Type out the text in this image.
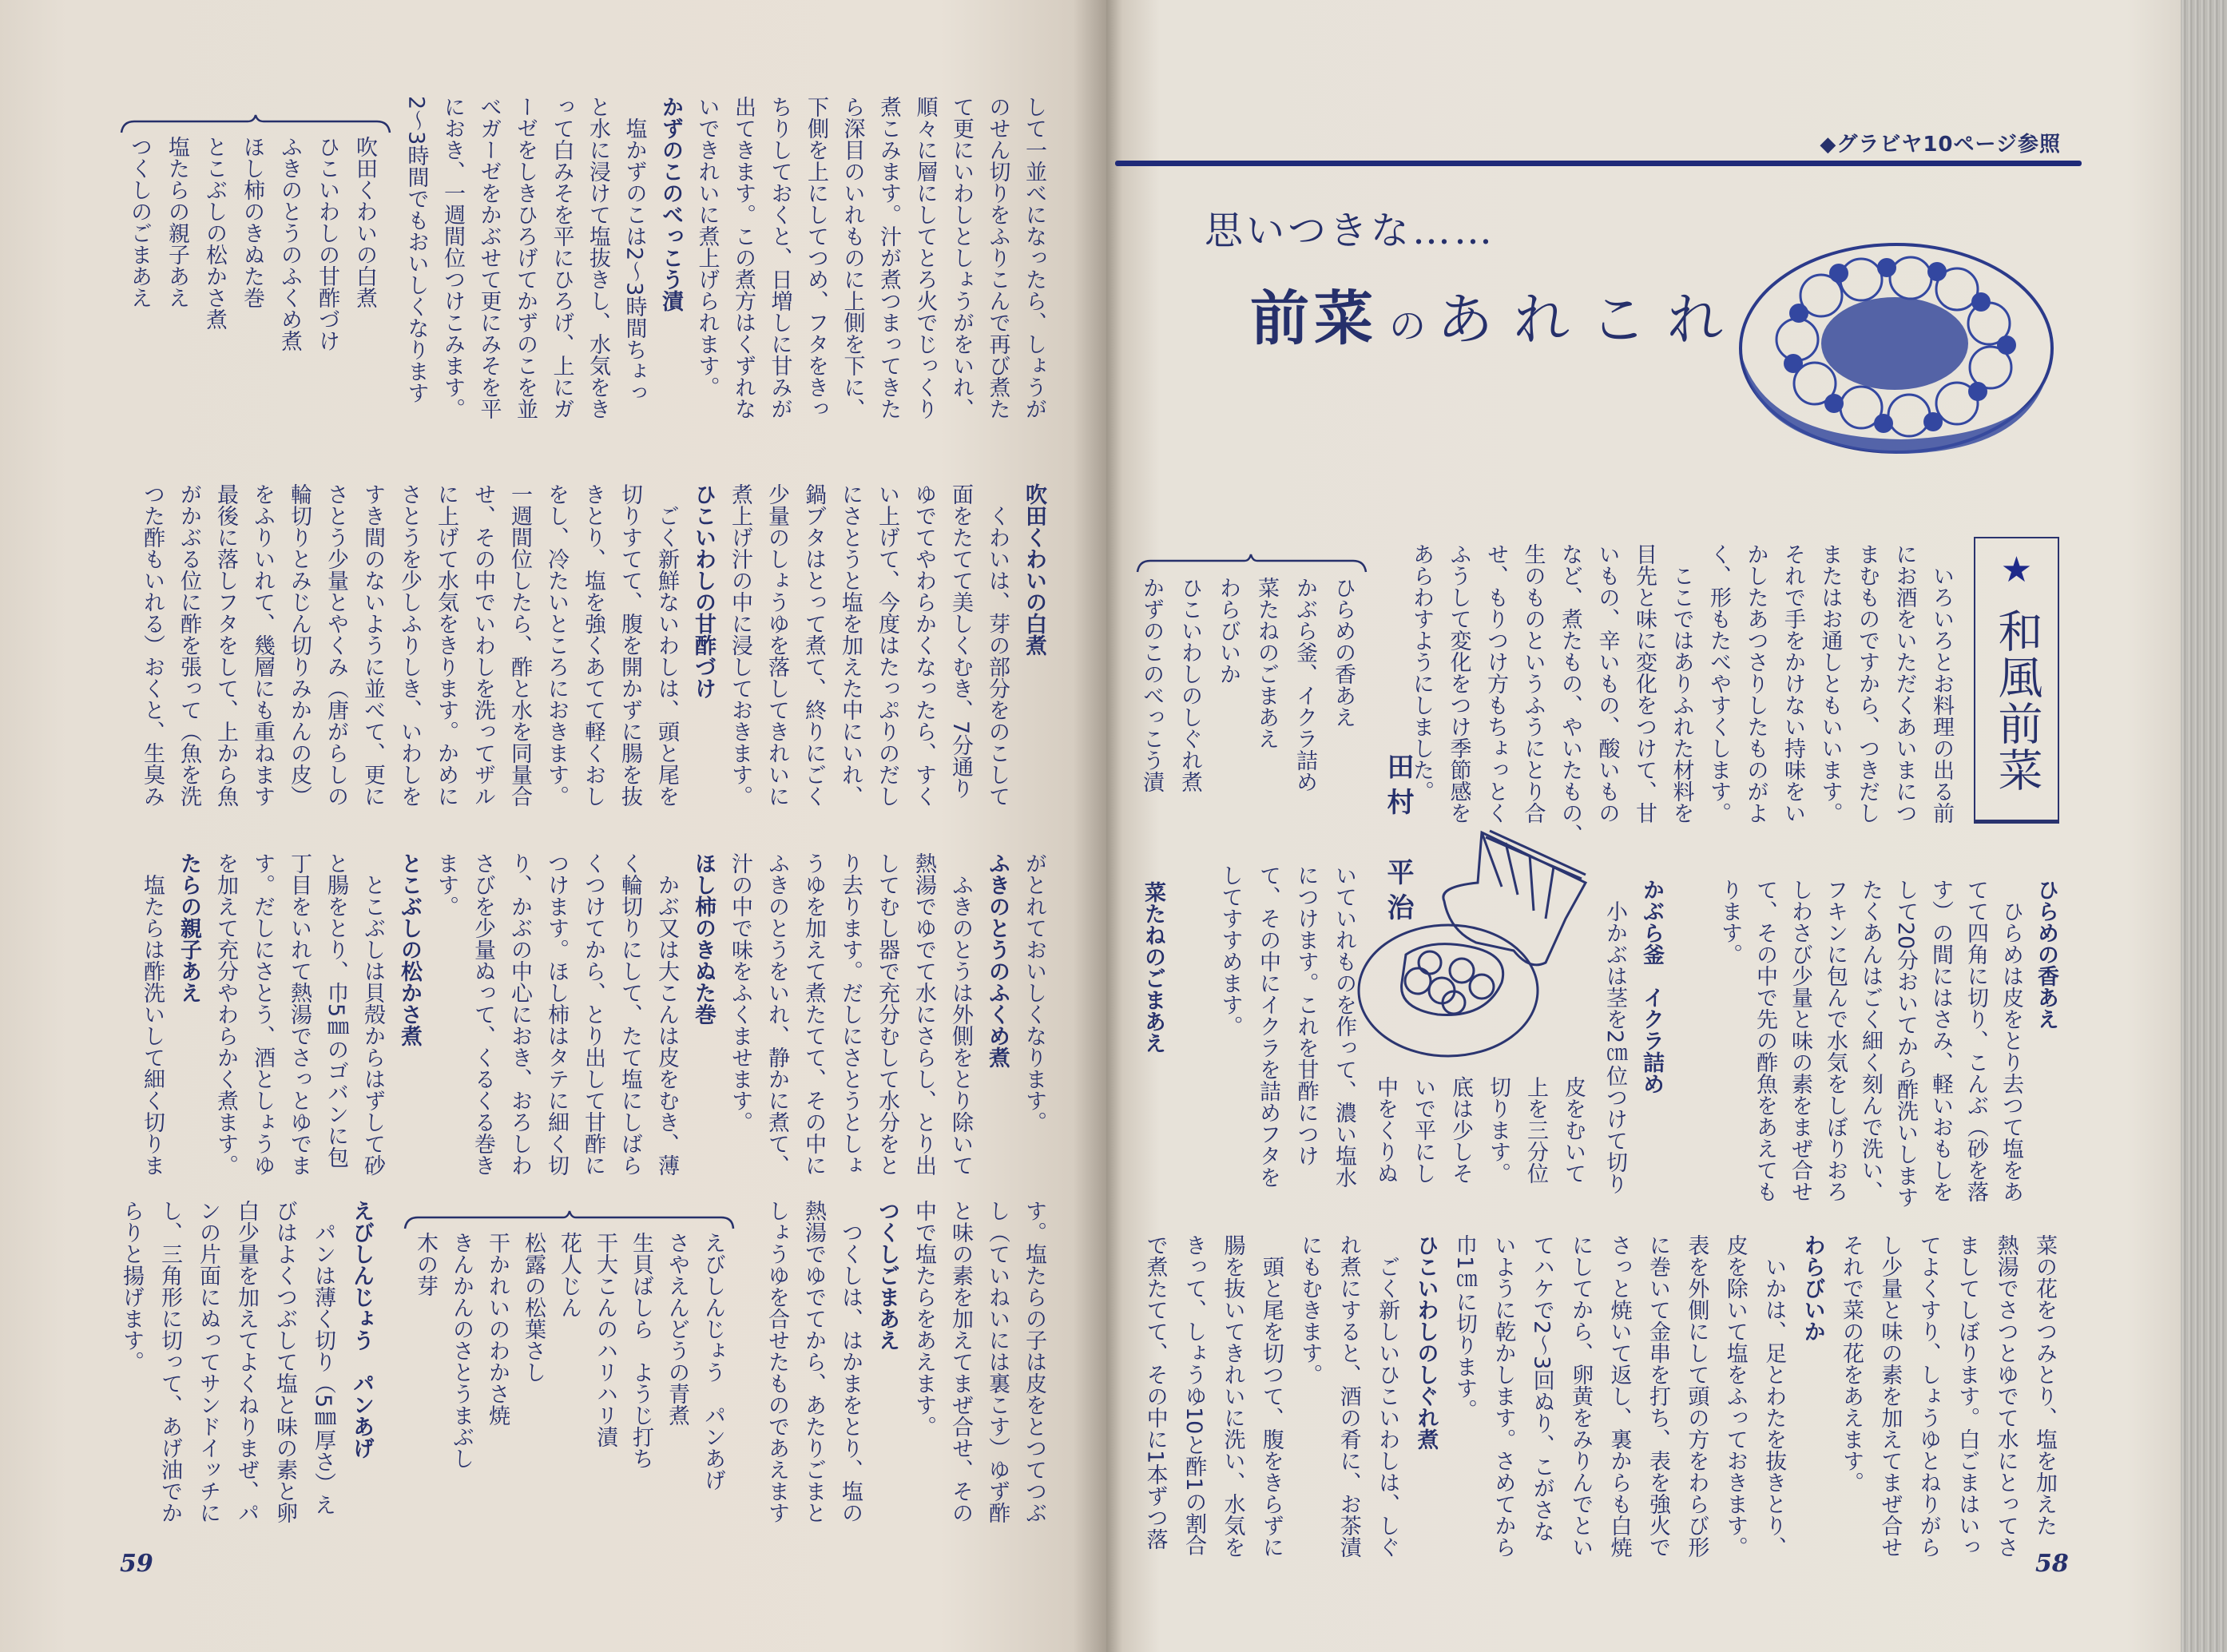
して一並べになったら、しょうが
のせん切りをふりこんで再び煮た
て更にいわしとしょうがをいれ、
順々に層にしてとろ火でじっくり
煮こみます。汁が煮つまってきた
ら深目のいれものに上側を下に、
下側を上にしてつめ、フタをきっ
ちりしておくと、日増しに甘みが
出てきます。この煮方はくずれな
いできれいに煮上げられます。
かずのこのべっこう漬
　塩かずのこは2〜3時間ちょっ
と水に浸けて塩抜きし、水気をき
って白みそを平にひろげ、上にガ
ーゼをしきひろげてかずのこを並
べガーゼをかぶせて更にみそを平
におき、一週間位つけこみます。
2〜3時間でもおいしくなります
吹田くわいの白煮
ひこいわしの甘酢づけ
ふきのとうのふくめ煮
ほし柿のきぬた巻
とこぶしの松かさ煮
塩たらの親子あえ
つくしのごまあえ
吹田くわいの白煮
　くわいは、芽の部分をのこして
面をたてて美しくむき、7分通り
ゆでてやわらかくなったら、すく
い上げて、今度はたっぷりのだし
にさとうと塩を加えた中にいれ、
鍋ブタはとって煮て、終りにごく
少量のしょうゆを落してきれいに
煮上げ汁の中に浸しておきます。
ひこいわしの甘酢づけ
　ごく新鮮ないわしは、頭と尾を
切りすてて、腹を開かずに腸を抜
きとり、塩を強くあてて軽くおし
をし、冷たいところにおきます。
一週間位したら、酢と水を同量合
せ、その中でいわしを洗ってザル
に上げて水気をきります。かめに
さとうを少しふりしき、いわしを
すき間のないように並べて、更に
さとう少量とやくみ（唐がらしの
輪切りとみじん切りみかんの皮）
をふりいれて、幾層にも重ねます
最後に落しフタをして、上から魚
がかぶる位に酢を張って（魚を洗
つた酢もいれる）おくと、生臭み
がとれておいしくなります。
ふきのとうのふくめ煮
　ふきのとうは外側をとり除いて
熱湯でゆでて水にさらし、とり出
してむし器で充分むして水分をと
り去ります。だしにさとうとしょ
うゆを加えて煮たてて、その中に
ふきのとうをいれ、静かに煮て、
汁の中で味をふくませます。
ほし柿のきぬた巻
　かぶ又は大こんは皮をむき、薄
く輪切りにして、たて塩にしばら
くつけてから、とり出して甘酢に
つけます。ほし柿はタテに細く切
り、かぶの中心におき、おろしわ
さびを少量ぬって、くるくる巻き
ます。
とこぶしの松かさ煮
　とこぶしは貝殻からはずして砂
と腸をとり、巾5㎜のゴバンに包
丁目をいれて熱湯でさっとゆでま
す。だしにさとう、酒としょうゆ
を加えて充分やわらかく煮ます。
たらの親子あえ
　塩たらは酢洗いして細く切りま
す。塩たらの子は皮をとつてつぶ
し（ていねいには裏こす）ゆず酢
と味の素を加えてまぜ合せ、その
中で塩たらをあえます。
つくしごまあえ
　つくしは、はかまをとり、塩の
熱湯でゆでてから、あたりごまと
しょうゆを合せたものであえます
えびしんじょう　パンあげ
さやえんどうの青煮
生貝ばしら　ようじ打ち
干大こんのハリハリ漬
花人じん
松露の松葉さし
干かれいのわかさ焼
きんかんのさとうまぶし
木の芽
えびしんじょう　パンあげ
　パンは薄く切り（5㎜厚さ）え
びはよくつぶして塩と味の素と卵
白少量を加えてよくねりまぜ、パ
ンの片面にぬってサンドイッチに
し、三角形に切って、あげ油でか
らりと揚げます。
59
◆グラビヤ10ページ参照
思いつきな……
前菜 の あれこれ
★
和風前菜
　いろいろとお料理の出る前
にお酒をいただくあいまにつ
まむものですから、つきだし
またはお通しともいいます。
それで手をかけない持味をい
かしたあつさりしたものがよ
く、形もたべやすくします。
　ここではありふれた材料を
目先と味に変化をつけて、甘
いもの、辛いもの、酸いもの
など、煮たもの、やいたもの、
生のものというふうにとり合
せ、もりつけ方もちょっとく
ふうして変化をつけ季節感を
あらわすようにしました。
田村　平治
ひらめの香あえ
かぶら釜、イクラ詰め
菜たねのごまあえ
わらびいか
ひこいわしのしぐれ煮
かずのこのべっこう漬
ひらめの香あえ
　ひらめは皮をとり去つて塩をあ
てて四角に切り、こんぶ（砂を落
す）の間にはさみ、軽いおもしを
して20分おいてから酢洗いします
たくあんはごく細く刻んで洗い、
フキンに包んで水気をしぼりおろ
しわさび少量と味の素をまぜ合せ
て、その中で先の酢魚をあえても
ります。
かぶら釜　イクラ詰め
　小かぶは茎を2㎝位つけて切り
皮をむいて
上を三分位
切ります。
底は少しそ
いで平にし
中をくりぬ
いていれものを作って、濃い塩水
につけます。これを甘酢につけ
て、その中にイクラを詰めフタを
してすすめます。
菜たねのごまあえ
菜の花をつみとり、塩を加えた
熱湯でさつとゆでて水にとってさ
ましてしぼります。白ごまはいっ
てよくすり、しょうゆとねりがら
し少量と味の素を加えてまぜ合せ
それで菜の花をあえます。
わらびいか
　いかは、足とわたを抜きとり、
皮を除いて塩をふっておきます。
表を外側にして頭の方をわらび形
に巻いて金串を打ち、表を強火で
さっと焼いて返し、裏からも白焼
にしてから、卵黄をみりんでとい
てハケで2〜3回ぬり、こがさな
いように乾かします。さめてから
巾1㎝に切ります。
ひこいわしのしぐれ煮
　ごく新しいひこいわしは、しぐ
れ煮にすると、酒の肴に、お茶漬
にもむきます。
　頭と尾を切つて、腹をきらずに
腸を抜いてきれいに洗い、水気を
きって、しょうゆ10と酢1の割合
で煮たてて、その中に1本ずつ落
58
